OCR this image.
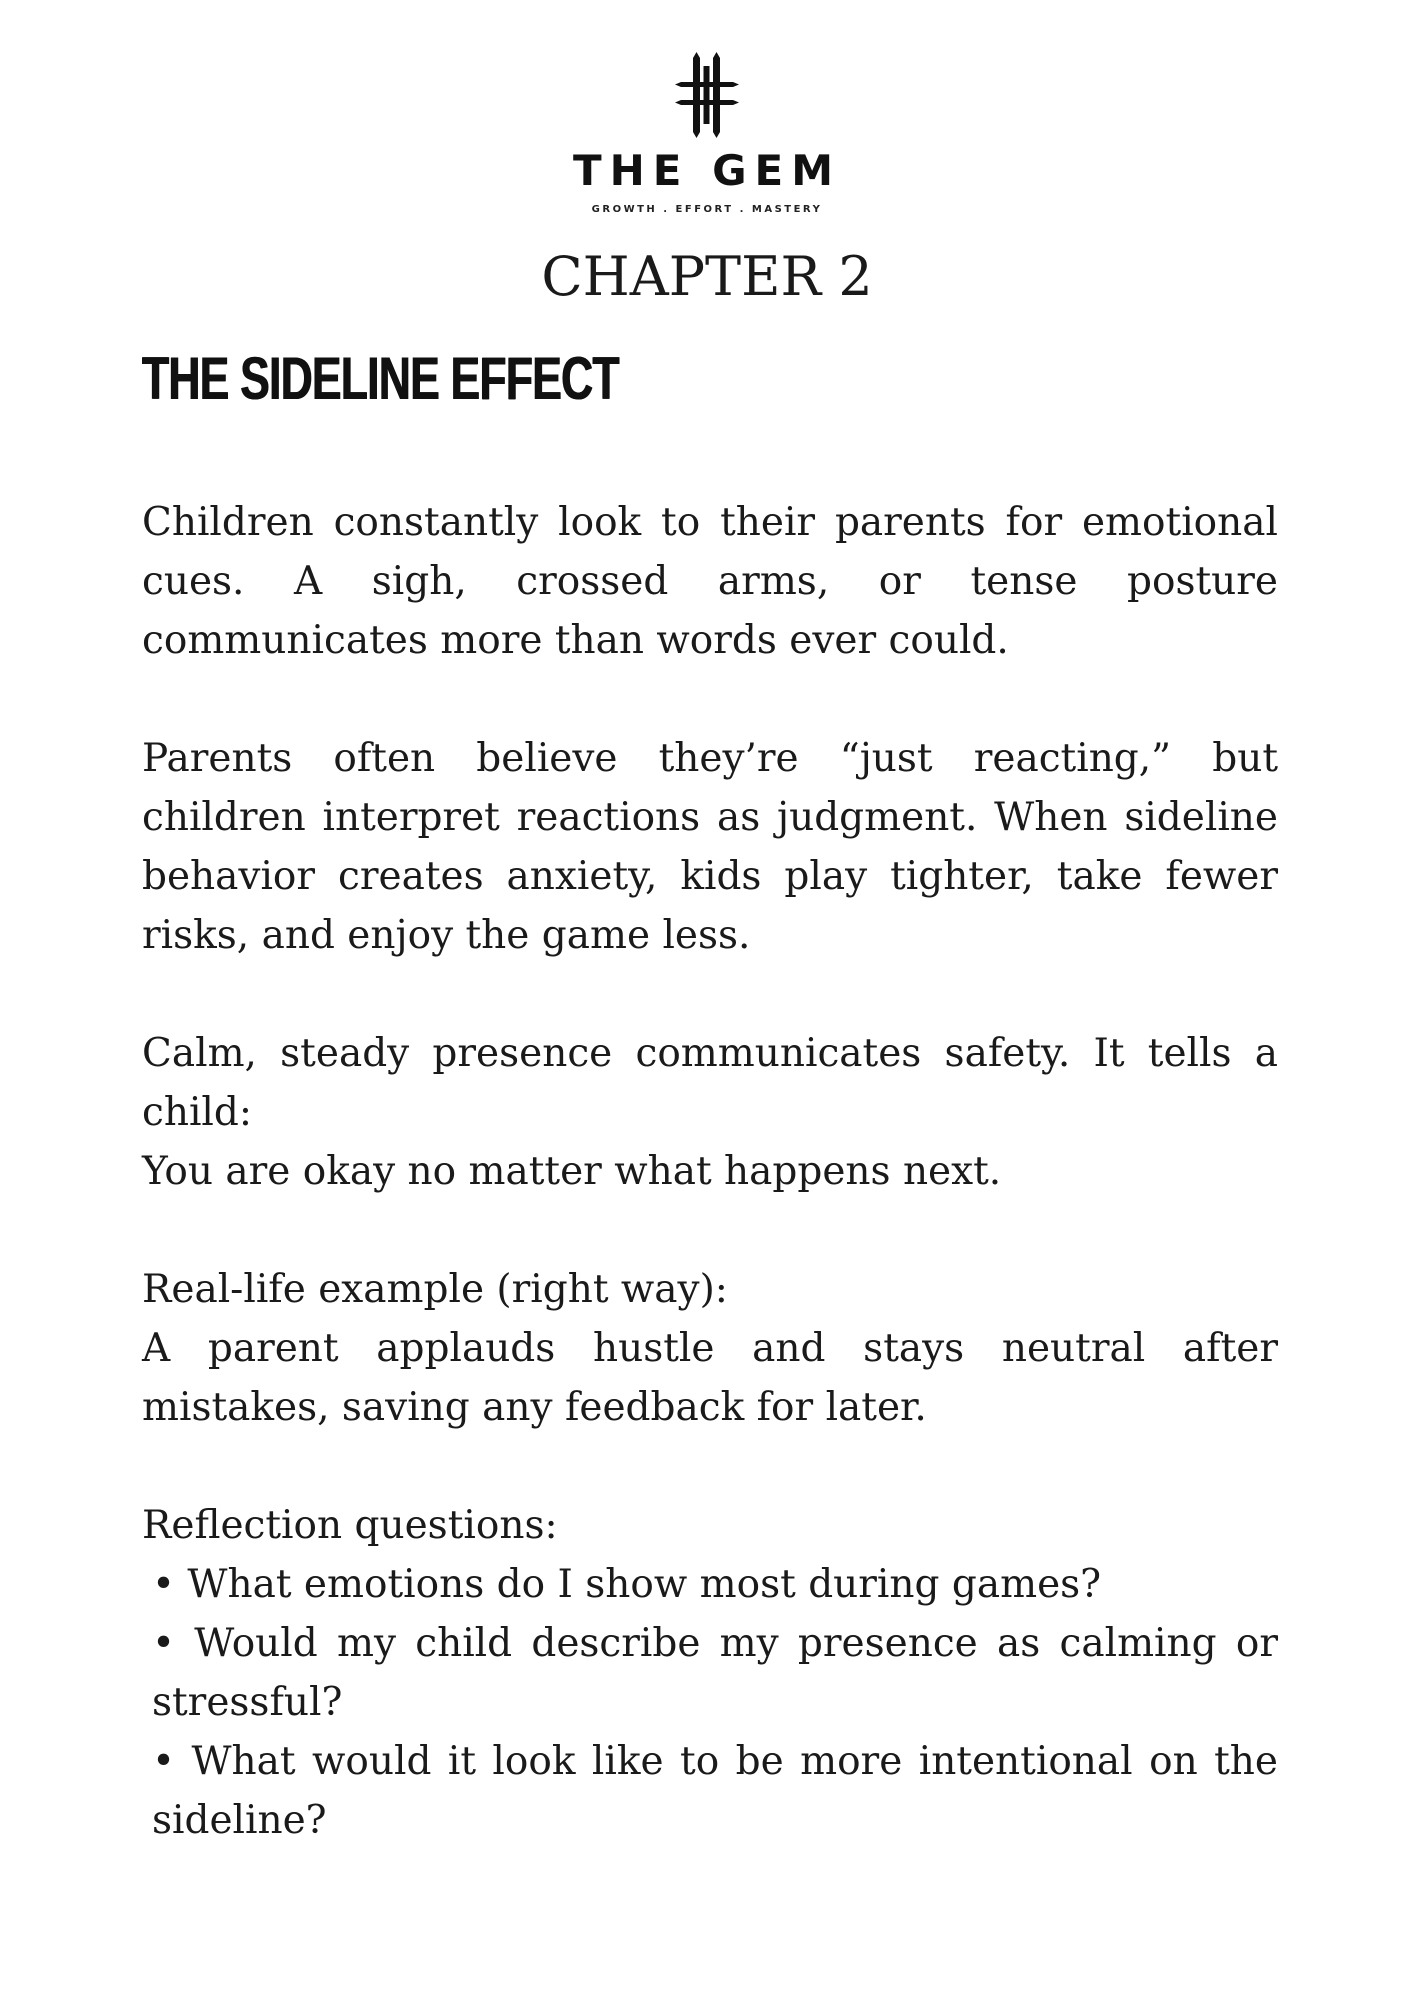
THE GEM
GROWTH . EFFORT . MASTERY
CHAPTER 2
THE SIDELINE EFFECT

Children constantly look to their parents for emotional cues. A sigh, crossed arms, or tense posture communicates more than words ever could.

Parents often believe they’re “just reacting,” but children interpret reactions as judgment. When sideline behavior creates anxiety, kids play tighter, take fewer risks, and enjoy the game less.

Calm, steady presence communicates safety. It tells a child:
You are okay no matter what happens next.

Real-life example (right way):
A parent applauds hustle and stays neutral after mistakes, saving any feedback for later.

Reflection questions:
• What emotions do I show most during games?
• Would my child describe my presence as calming or stressful?
• What would it look like to be more intentional on the sideline?
